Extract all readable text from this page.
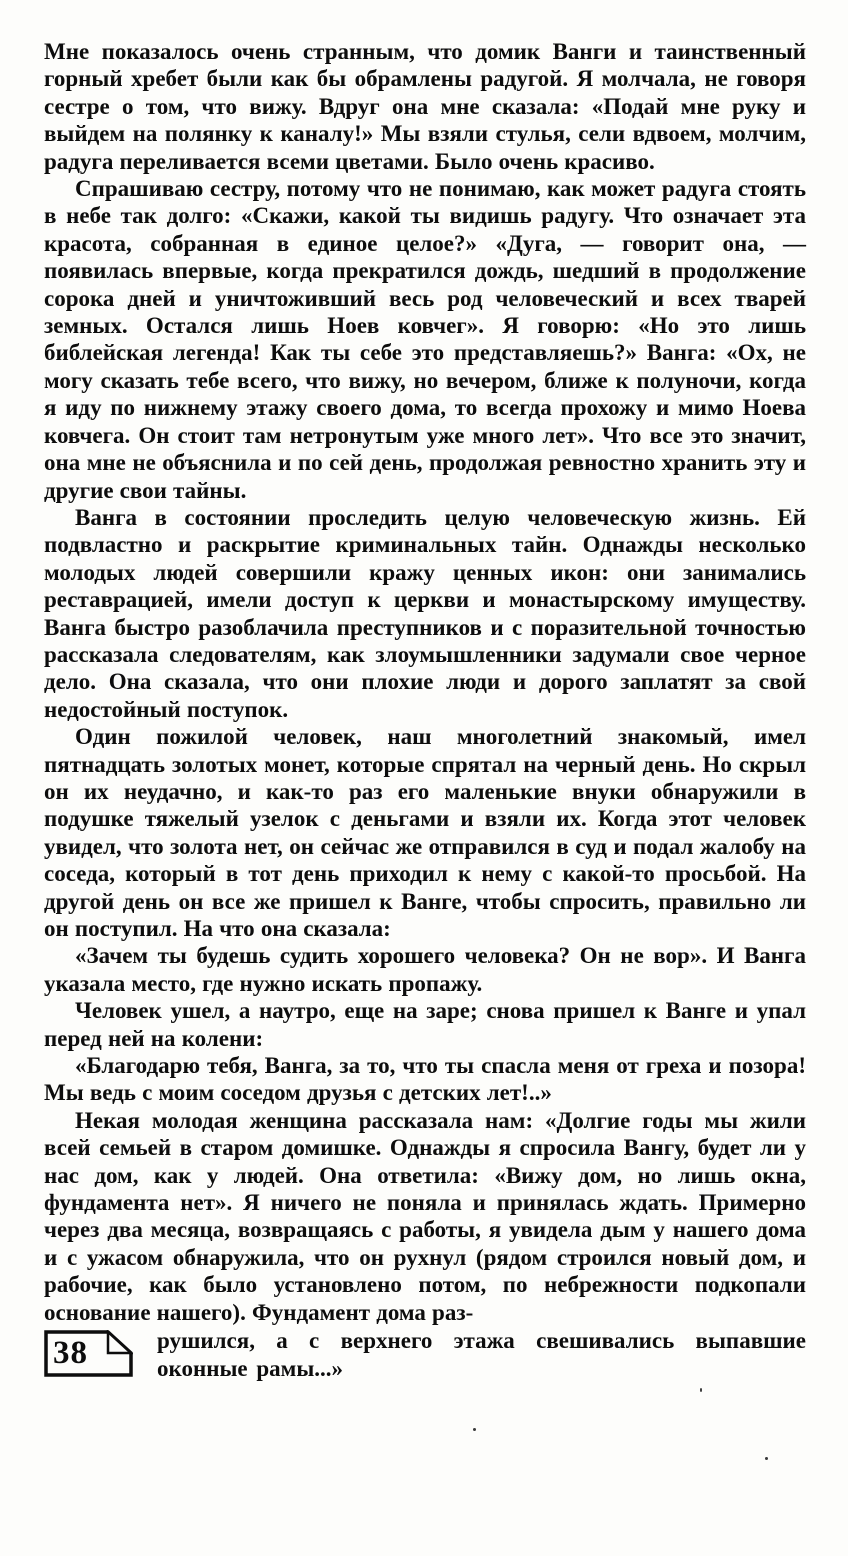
Мне показалось очень странным, что домик Ванги и таинственный горный хребет были как бы обрамлены радугой. Я молчала, не говоря сестре о том, что вижу. Вдруг она мне сказала: «Подай мне руку и выйдем на полянку к каналу!» Мы взяли стулья, сели вдвоем, молчим, радуга переливается всеми цветами. Было очень красиво.

Спрашиваю сестру, потому что не понимаю, как может радуга стоять в небе так долго: «Скажи, какой ты видишь радугу. Что означает эта красота, собранная в единое целое?» «Дуга, — говорит она, — появилась впервые, когда прекратился дождь, шедший в продолжение сорока дней и уничтоживший весь род человеческий и всех тварей земных. Остался лишь Ноев ковчег». Я говорю: «Но это лишь библейская легенда! Как ты себе это представляешь?» Ванга: «Ох, не могу сказать тебе всего, что вижу, но вечером, ближе к полуночи, когда я иду по нижнему этажу своего дома, то всегда прохожу и мимо Ноева ковчега. Он стоит там нетронутым уже много лет». Что все это значит, она мне не объяснила и по сей день, продолжая ревностно хранить эту и другие свои тайны.

Ванга в состоянии проследить целую человеческую жизнь. Ей подвластно и раскрытие криминальных тайн. Однажды несколько молодых людей совершили кражу ценных икон: они занимались реставрацией, имели доступ к церкви и монастырскому имуществу. Ванга быстро разоблачила преступников и с поразительной точностью рассказала следователям, как злоумышленники задумали свое черное дело. Она сказала, что они плохие люди и дорого заплатят за свой недостойный поступок.

Один пожилой человек, наш многолетний знакомый, имел пятнадцать золотых монет, которые спрятал на черный день. Но скрыл он их неудачно, и как-то раз его маленькие внуки обнаружили в подушке тяжелый узелок с деньгами и взяли их. Когда этот человек увидел, что золота нет, он сейчас же отправился в суд и подал жалобу на соседа, который в тот день приходил к нему с какой-то просьбой. На другой день он все же пришел к Ванге, чтобы спросить, правильно ли он поступил. На что она сказала:

«Зачем ты будешь судить хорошего человека? Он не вор». И Ванга указала место, где нужно искать пропажу.

Человек ушел, а наутро, еще на заре; снова пришел к Ванге и упал перед ней на колени:

«Благодарю тебя, Ванга, за то, что ты спасла меня от греха и позора! Мы ведь с моим соседом друзья с детских лет!..»

Некая молодая женщина рассказала нам: «Долгие годы мы жили всей семьей в старом домишке. Однажды я спросила Вангу, будет ли у нас дом, как у людей. Она ответила: «Вижу дом, но лишь окна, фундамента нет». Я ничего не поняла и принялась ждать. Примерно через два месяца, возвращаясь с работы, я увидела дым у нашего дома и с ужасом обнаружила, что он рухнул (рядом строился новый дом, и рабочие, как было установлено потом, по небрежности подкопали основание нашего). Фундамент дома раз-

38	рушился, а с верхнего этажа свешивались выпавшие оконные рамы...»
